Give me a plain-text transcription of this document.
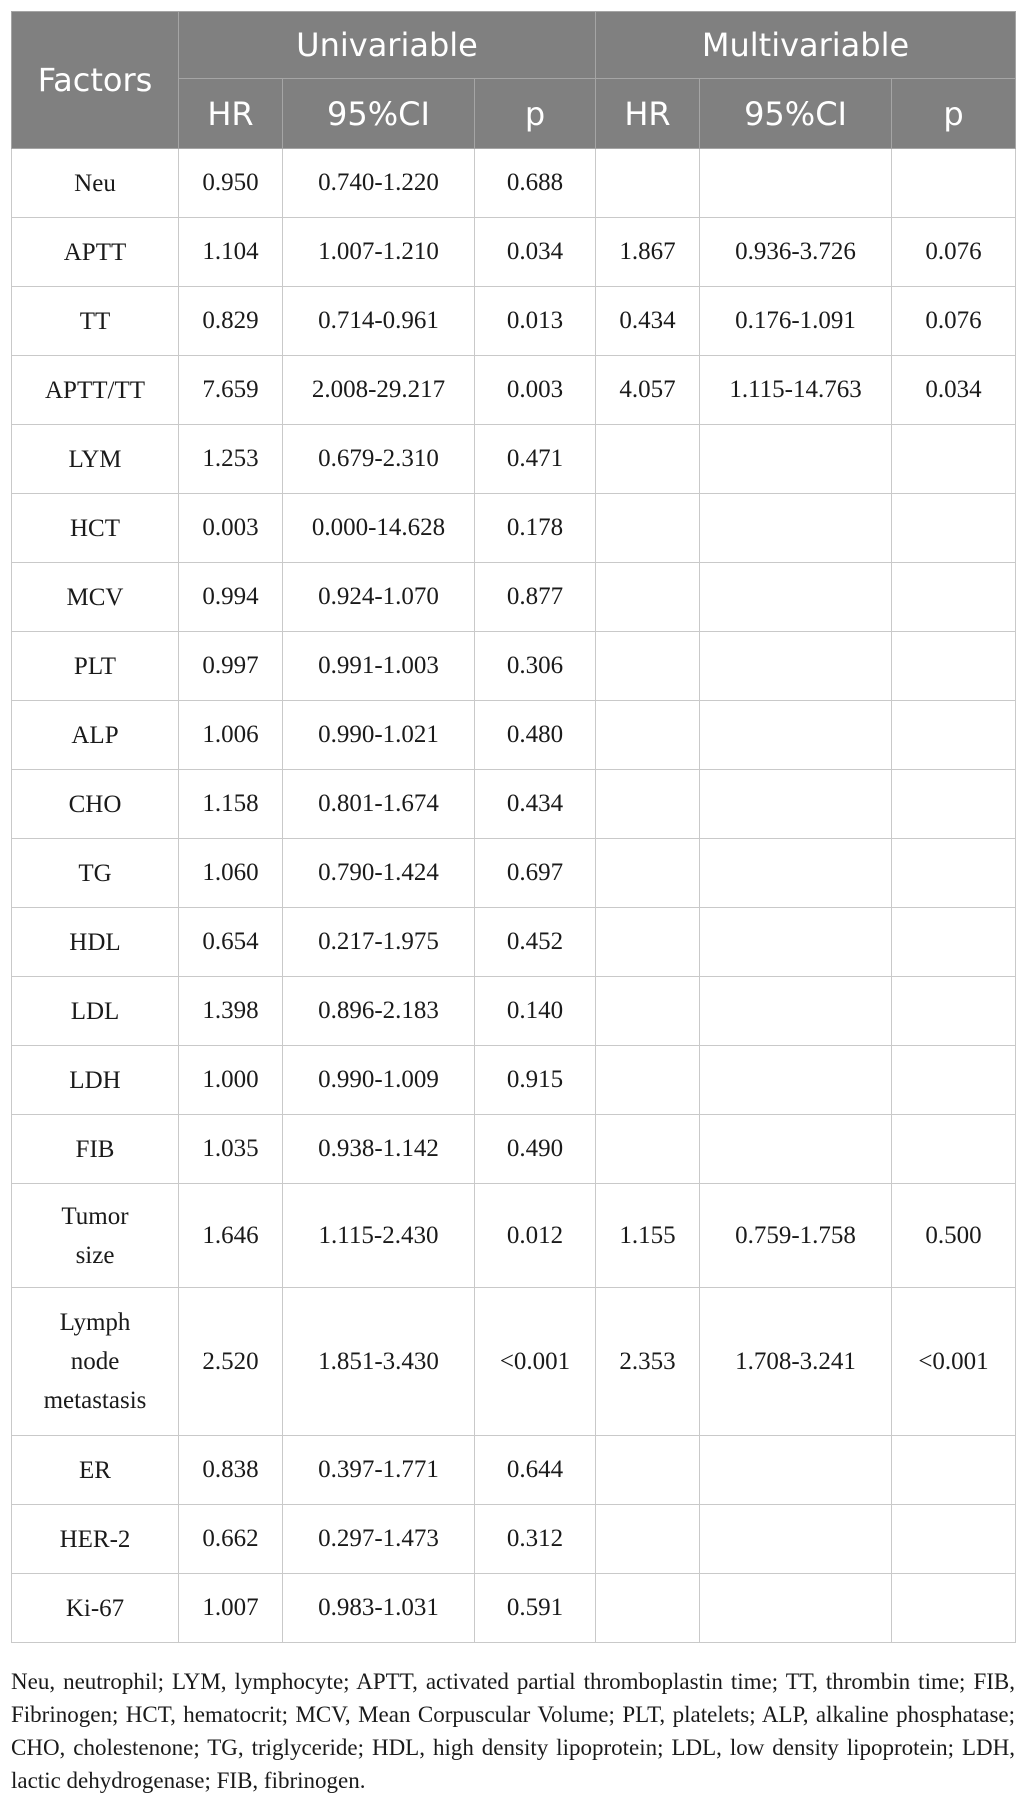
Factors	Univariable			Multivariable		
	HR	95%CI	p	HR	95%CI	p
Neu	0.950	0.740-1.220	0.688			
APTT	1.104	1.007-1.210	0.034	1.867	0.936-3.726	0.076
TT	0.829	0.714-0.961	0.013	0.434	0.176-1.091	0.076
APTT/TT	7.659	2.008-29.217	0.003	4.057	1.115-14.763	0.034
LYM	1.253	0.679-2.310	0.471			
HCT	0.003	0.000-14.628	0.178			
MCV	0.994	0.924-1.070	0.877			
PLT	0.997	0.991-1.003	0.306			
ALP	1.006	0.990-1.021	0.480			
CHO	1.158	0.801-1.674	0.434			
TG	1.060	0.790-1.424	0.697			
HDL	0.654	0.217-1.975	0.452			
LDL	1.398	0.896-2.183	0.140			
LDH	1.000	0.990-1.009	0.915			
FIB	1.035	0.938-1.142	0.490			
Tumor
size	1.646	1.115-2.430	0.012	1.155	0.759-1.758	0.500
Lymph
node
metastasis	2.520	1.851-3.430	<0.001	2.353	1.708-3.241	<0.001
ER	0.838	0.397-1.771	0.644			
HER-2	0.662	0.297-1.473	0.312			
Ki-67	1.007	0.983-1.031	0.591			

Neu, neutrophil; LYM, lymphocyte; APTT, activated partial thromboplastin time; TT, thrombin time; FIB, Fibrinogen; HCT, hematocrit; MCV, Mean Corpuscular Volume; PLT, platelets; ALP, alkaline phosphatase; CHO, cholestenone; TG, triglyceride; HDL, high density lipoprotein; LDL, low density lipoprotein; LDH, lactic dehydrogenase; FIB, fibrinogen.
